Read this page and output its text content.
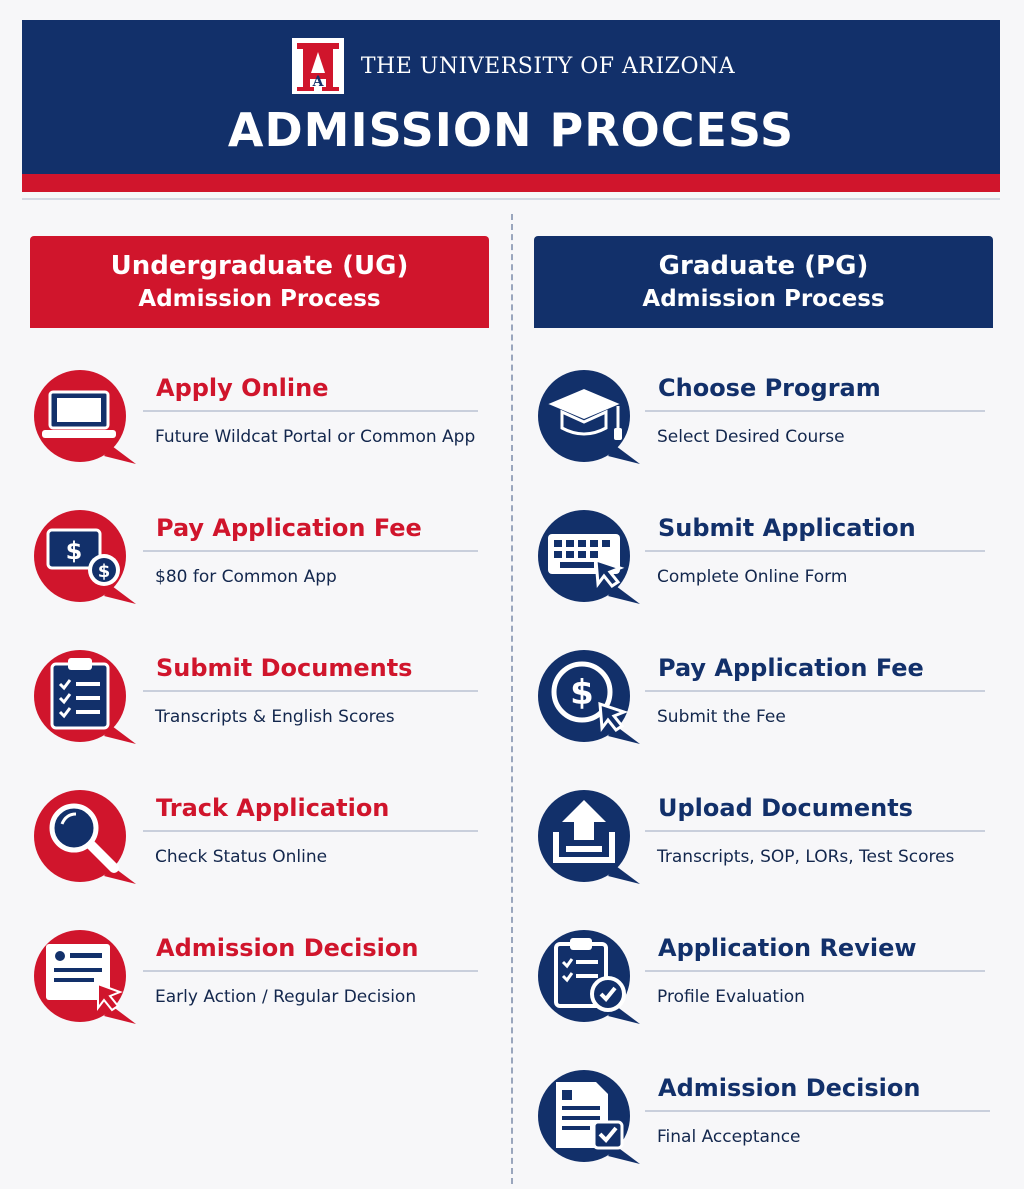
A
THE UNIVERSITY OF ARIZONA
ADMISSION PROCESS
Undergraduate (UG)
Admission Process
Graduate (PG)
Admission Process
Apply Online
Future Wildcat Portal or Common App
$
$
Pay Application Fee
$80 for Common App
Submit Documents
Transcripts & English Scores
Track Application
Check Status Online
Admission Decision
Early Action / Regular Decision
Choose Program
Select Desired Course
Submit Application
Complete Online Form
$
Pay Application Fee
Submit the Fee
Upload Documents
Transcripts, SOP, LORs, Test Scores
Application Review
Profile Evaluation
Admission Decision
Final Acceptance
